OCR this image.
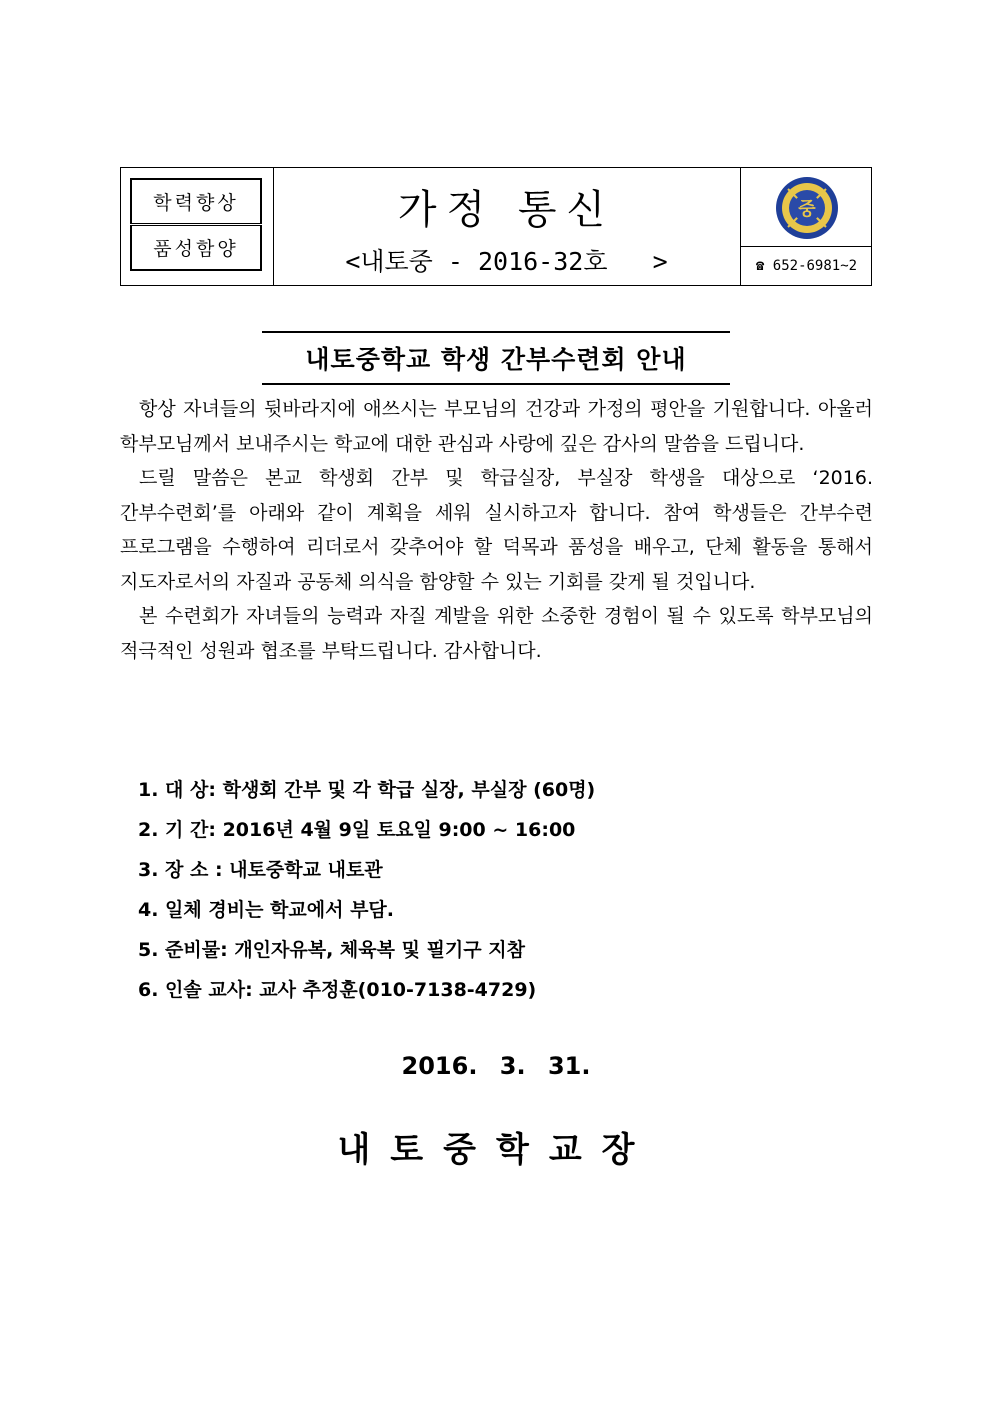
학력향상
품성함양
가정 통신
<내토중 - 2016-32호   >
중
☎ 652-6981~2
내토중학교 학생 간부수련회 안내

항상 자녀들의 뒷바라지에 애쓰시는 부모님의 건강과 가정의 평안을 기원합니다. 아울러 학부모님께서 보내주시는 학교에 대한 관심과 사랑에 깊은 감사의 말씀을 드립니다.

드릴 말씀은 본교 학생회 간부 및 학급실장, 부실장 학생을 대상으로 ‘2016. 간부수련회’를 아래와 같이 계획을 세워 실시하고자 합니다. 참여 학생들은 간부수련 프로그램을 수행하여 리더로서 갖추어야 할 덕목과 품성을 배우고, 단체 활동을 통해서 지도자로서의 자질과 공동체 의식을 함양할 수 있는 기회를 갖게 될 것입니다.

본 수련회가 자녀들의 능력과 자질 계발을 위한 소중한 경험이 될 수 있도록 학부모님의 적극적인 성원과 협조를 부탁드립니다. 감사합니다.

1. 대 상: 학생회 간부 및 각 학급 실장, 부실장 (60명)
2. 기 간: 2016년 4월 9일 토요일 9:00 ~ 16:00
3. 장 소 : 내토중학교 내토관
4. 일체 경비는 학교에서 부담.
5. 준비물: 개인자유복, 체육복 및 필기구 지참
6. 인솔 교사: 교사 추정훈(010-7138-4729)
2016. 3. 31.
내토중학교장
